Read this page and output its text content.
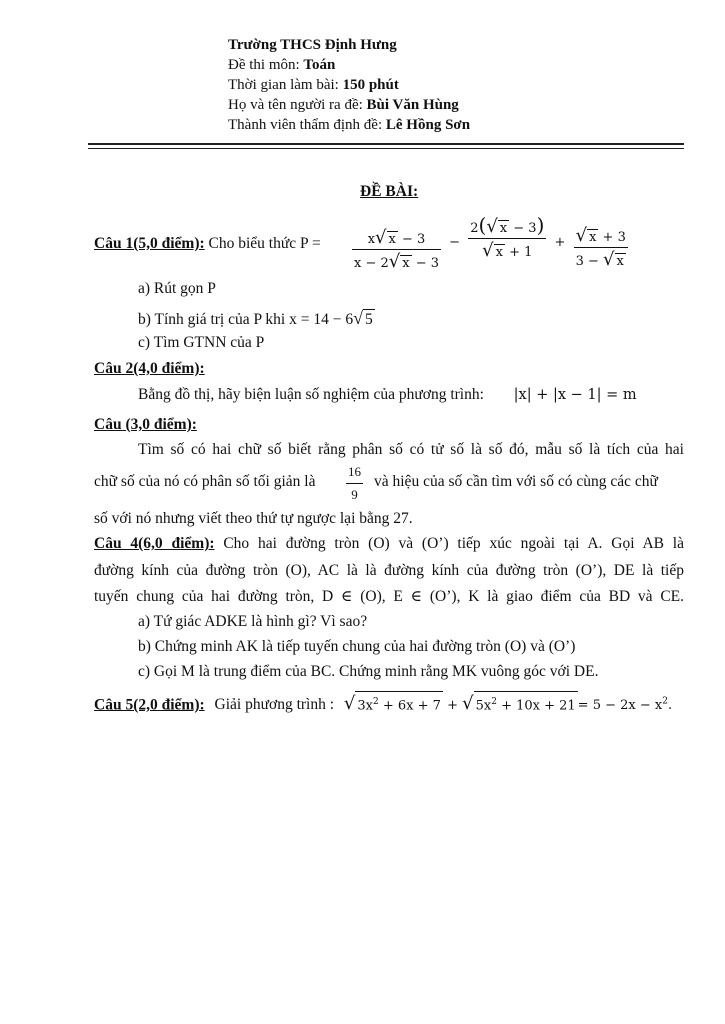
Trường THCS Định Hưng
Đề thi môn: Toán
Thời gian làm bài: 150 phút
Họ và tên người ra đề: Bùi Văn Hùng
Thành viên thẩm định đề: Lê Hồng Sơn
ĐỀ BÀI:
Câu 1(5,0 điểm): Cho biểu thức $P = \frac{x√ x - 3}{x - 2√ x - 3} - \frac{2(√ x - 3)}{√ x + 1} + \frac{√ x + 3}{3 - √ x}$
a) Rút gọn P
b) Tính giá trị của P khi x = 14 − 6√ 5
c) Tìm GTNN của P
Câu 2(4,0 điểm):
Bằng đồ thị, hãy biện luận số nghiệm của phương trình: |x| + |x − 1| = m
Câu (3,0 điểm):
Tìm số có hai chữ số biết rằng phân số có tử số là số đó, mẫu số là tích của hai
chữ số của nó có phân số tối giản là $\frac{16}{9}$ và hiệu của số cần tìm với số có cùng các chữ
số với nó nhưng viết theo thứ tự ngược lại bằng 27.
Câu 4(6,0 điểm): Cho hai đường tròn (O) và (O’) tiếp xúc ngoài tại A. Gọi AB là
đường kính của đường tròn (O), AC là là đường kính của đường tròn (O’), DE là tiếp
tuyến chung của hai đường tròn, D ∈ (O), E ∈ (O’), K là giao điểm của BD và CE.
a) Tứ giác ADKE là hình gì? Vì sao?
b) Chứng minh AK là tiếp tuyến chung của hai đường tròn (O) và (O’)
c) Gọi M là trung điểm của BC. Chứng minh rằng MK vuông góc với DE.
Câu 5(2,0 điểm): Giải phương trình : √ $3x^2 + 6x + 7$ + √ $5x^2 + 10x + 21 = 5 - 2x - x^2$.
